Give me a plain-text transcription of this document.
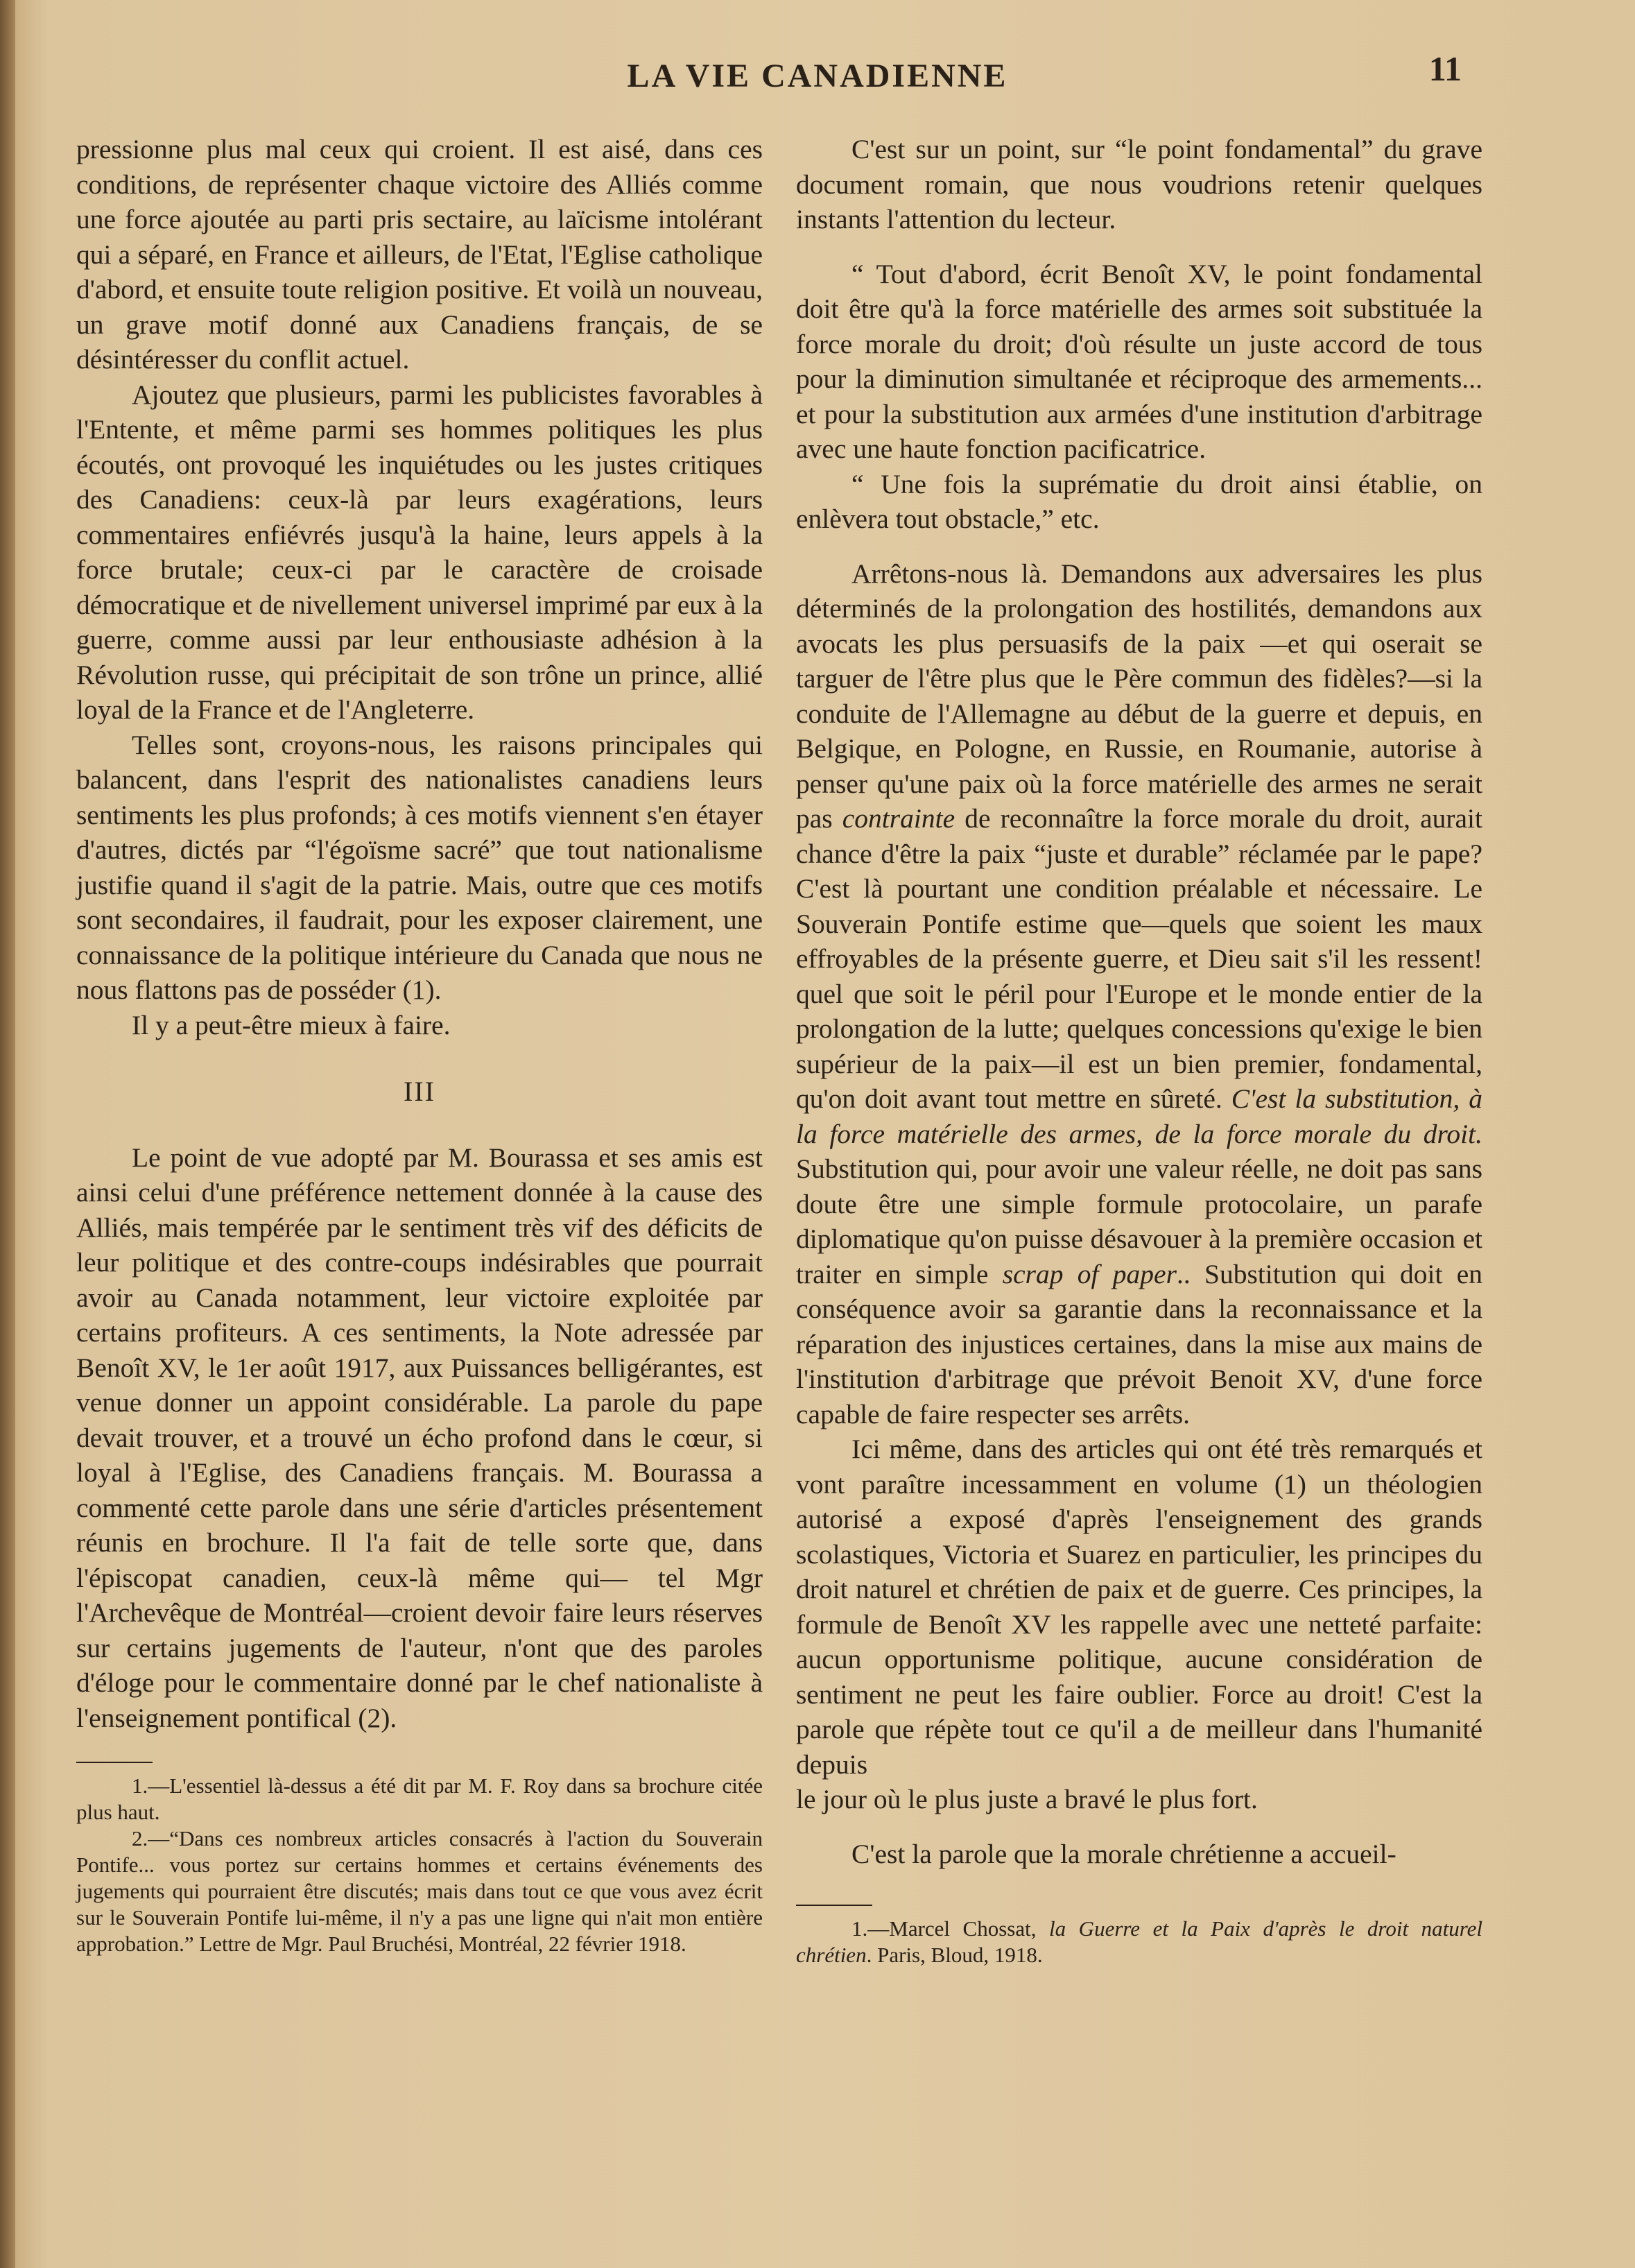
LA VIE CANADIENNE	11

pressionne plus mal ceux qui croient. Il est aisé, dans ces conditions, de représenter chaque victoire des Alliés comme une force ajoutée au parti pris sectaire, au laïcisme intolérant qui a séparé, en France et ailleurs, de l'Etat, l'Eglise catholique d'abord, et ensuite toute religion positive. Et voilà un nouveau, un grave motif donné aux Canadiens français, de se désintéresser du conflit actuel.

Ajoutez que plusieurs, parmi les publicistes favorables à l'Entente, et même parmi ses hommes politiques les plus écoutés, ont provoqué les inquiétudes ou les justes critiques des Canadiens: ceux-là par leurs exagérations, leurs commentaires enfiévrés jusqu'à la haine, leurs appels à la force brutale; ceux-ci par le caractère de croisade démocratique et de nivellement universel imprimé par eux à la guerre, comme aussi par leur enthousiaste adhésion à la Révolution russe, qui précipitait de son trône un prince, allié loyal de la France et de l'Angleterre.

Telles sont, croyons-nous, les raisons principales qui balancent, dans l'esprit des nationalistes canadiens leurs sentiments les plus profonds; à ces motifs viennent s'en étayer d'autres, dictés par “l'égoïsme sacré” que tout nationalisme justifie quand il s'agit de la patrie. Mais, outre que ces motifs sont secondaires, il faudrait, pour les exposer clairement, une connaissance de la politique intérieure du Canada que nous ne nous flattons pas de posséder (1).

Il y a peut-être mieux à faire.

III

Le point de vue adopté par M. Bourassa et ses amis est ainsi celui d'une préférence nettement donnée à la cause des Alliés, mais tempérée par le sentiment très vif des déficits de leur politique et des contre-coups indésirables que pourrait avoir au Canada notamment, leur victoire exploitée par certains profiteurs. A ces sentiments, la Note adressée par Benoît XV, le 1er août 1917, aux Puissances belligérantes, est venue donner un appoint considérable. La parole du pape devait trouver, et a trouvé un écho profond dans le cœur, si loyal à l'Eglise, des Canadiens français. M. Bourassa a commenté cette parole dans une série d'articles présentement réunis en brochure. Il l'a fait de telle sorte que, dans l'épiscopat canadien, ceux-là même qui— tel Mgr l'Archevêque de Montréal—croient devoir faire leurs réserves sur certains jugements de l'auteur, n'ont que des paroles d'éloge pour le commentaire donné par le chef nationaliste à l'enseignement pontifical (2).

1.—L'essentiel là-dessus a été dit par M. F. Roy dans sa brochure citée plus haut.

2.—“Dans ces nombreux articles consacrés à l'action du Souverain Pontife... vous portez sur certains hommes et certains événements des jugements qui pourraient être discutés; mais dans tout ce que vous avez écrit sur le Souverain Pontife lui-même, il n'y a pas une ligne qui n'ait mon entière approbation.” Lettre de Mgr. Paul Bruchési, Montréal, 22 février 1918.

C'est sur un point, sur “le point fondamental” du grave document romain, que nous voudrions retenir quelques instants l'attention du lecteur.

“ Tout d'abord, écrit Benoît XV, le point fondamental doit être qu'à la force matérielle des armes soit substituée la force morale du droit; d'où résulte un juste accord de tous pour la diminution simultanée et réciproque des armements... et pour la substitution aux armées d'une institution d'arbitrage avec une haute fonction pacificatrice.

“ Une fois la suprématie du droit ainsi établie, on enlèvera tout obstacle,” etc.

Arrêtons-nous là. Demandons aux adversaires les plus déterminés de la prolongation des hostilités, demandons aux avocats les plus persuasifs de la paix —et qui oserait se targuer de l'être plus que le Père commun des fidèles?—si la conduite de l'Allemagne au début de la guerre et depuis, en Belgique, en Pologne, en Russie, en Roumanie, autorise à penser qu'une paix où la force matérielle des armes ne serait pas contrainte de reconnaître la force morale du droit, aurait chance d'être la paix “juste et durable” réclamée par le pape? C'est là pourtant une condition préalable et nécessaire. Le Souverain Pontife estime que—quels que soient les maux effroyables de la présente guerre, et Dieu sait s'il les ressent! quel que soit le péril pour l'Europe et le monde entier de la prolongation de la lutte; quelques concessions qu'exige le bien supérieur de la paix—il est un bien premier, fondamental, qu'on doit avant tout mettre en sûreté. C'est la substitution, à la force matérielle des armes, de la force morale du droit. Substitution qui, pour avoir une valeur réelle, ne doit pas sans doute être une simple formule protocolaire, un parafe diplomatique qu'on puisse désavouer à la première occasion et traiter en simple scrap of paper.. Substitution qui doit en conséquence avoir sa garantie dans la reconnaissance et la réparation des injustices certaines, dans la mise aux mains de l'institution d'arbitrage que prévoit Benoit XV, d'une force capable de faire respecter ses arrêts.

Ici même, dans des articles qui ont été très remarqués et vont paraître incessamment en volume (1) un théologien autorisé a exposé d'après l'enseignement des grands scolastiques, Victoria et Suarez en particulier, les principes du droit naturel et chrétien de paix et de guerre. Ces principes, la formule de Benoît XV les rappelle avec une netteté parfaite: aucun opportunisme politique, aucune considération de sentiment ne peut les faire oublier. Force au droit! C'est la parole que répète tout ce qu'il a de meilleur dans l'humanité depuis

le jour où le plus juste a bravé le plus fort.

C'est la parole que la morale chrétienne a accueil-

1.—Marcel Chossat, la Guerre et la Paix d'après le droit naturel chrétien. Paris, Bloud, 1918.
